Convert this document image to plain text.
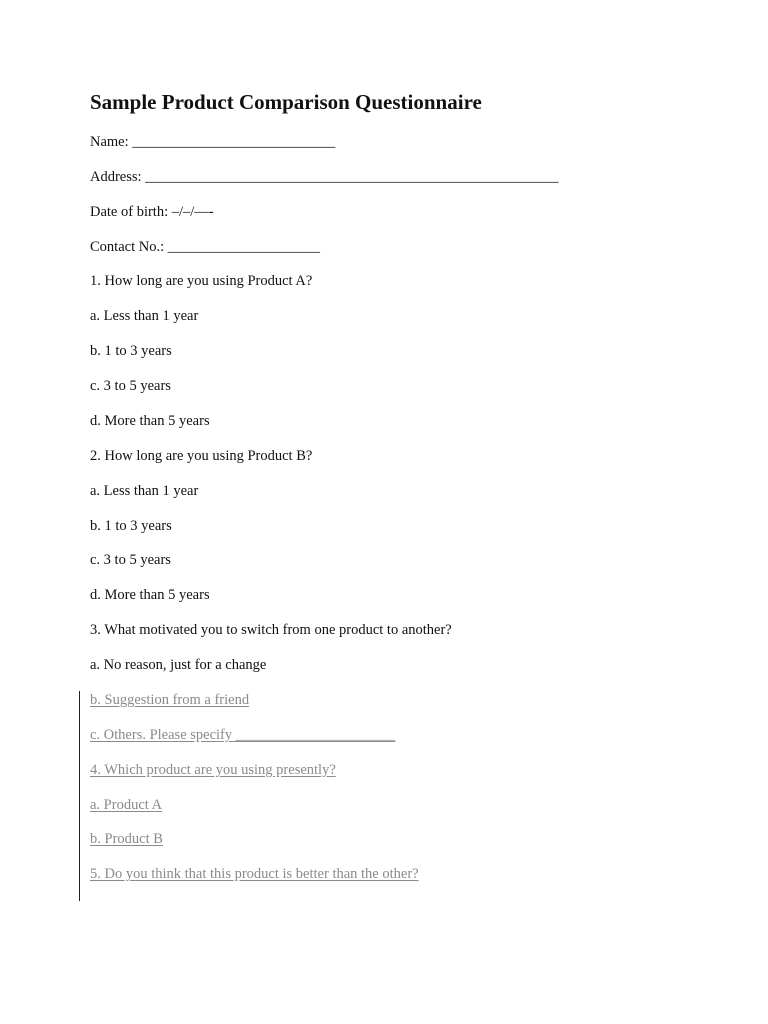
Sample Product Comparison Questionnaire
Name: ____________________________
Address: _________________________________________________________
Date of birth: –/–/—-
Contact No.: _____________________
1. How long are you using Product A?
a. Less than 1 year
b. 1 to 3 years
c. 3 to 5 years
d. More than 5 years
2. How long are you using Product B?
a. Less than 1 year
b. 1 to 3 years
c. 3 to 5 years
d. More than 5 years
3. What motivated you to switch from one product to another?
a. No reason, just for a change
b. Suggestion from a friend
c. Others. Please specify ______________________
4. Which product are you using presently?
a. Product A
b. Product B
5. Do you think that this product is better than the other?
